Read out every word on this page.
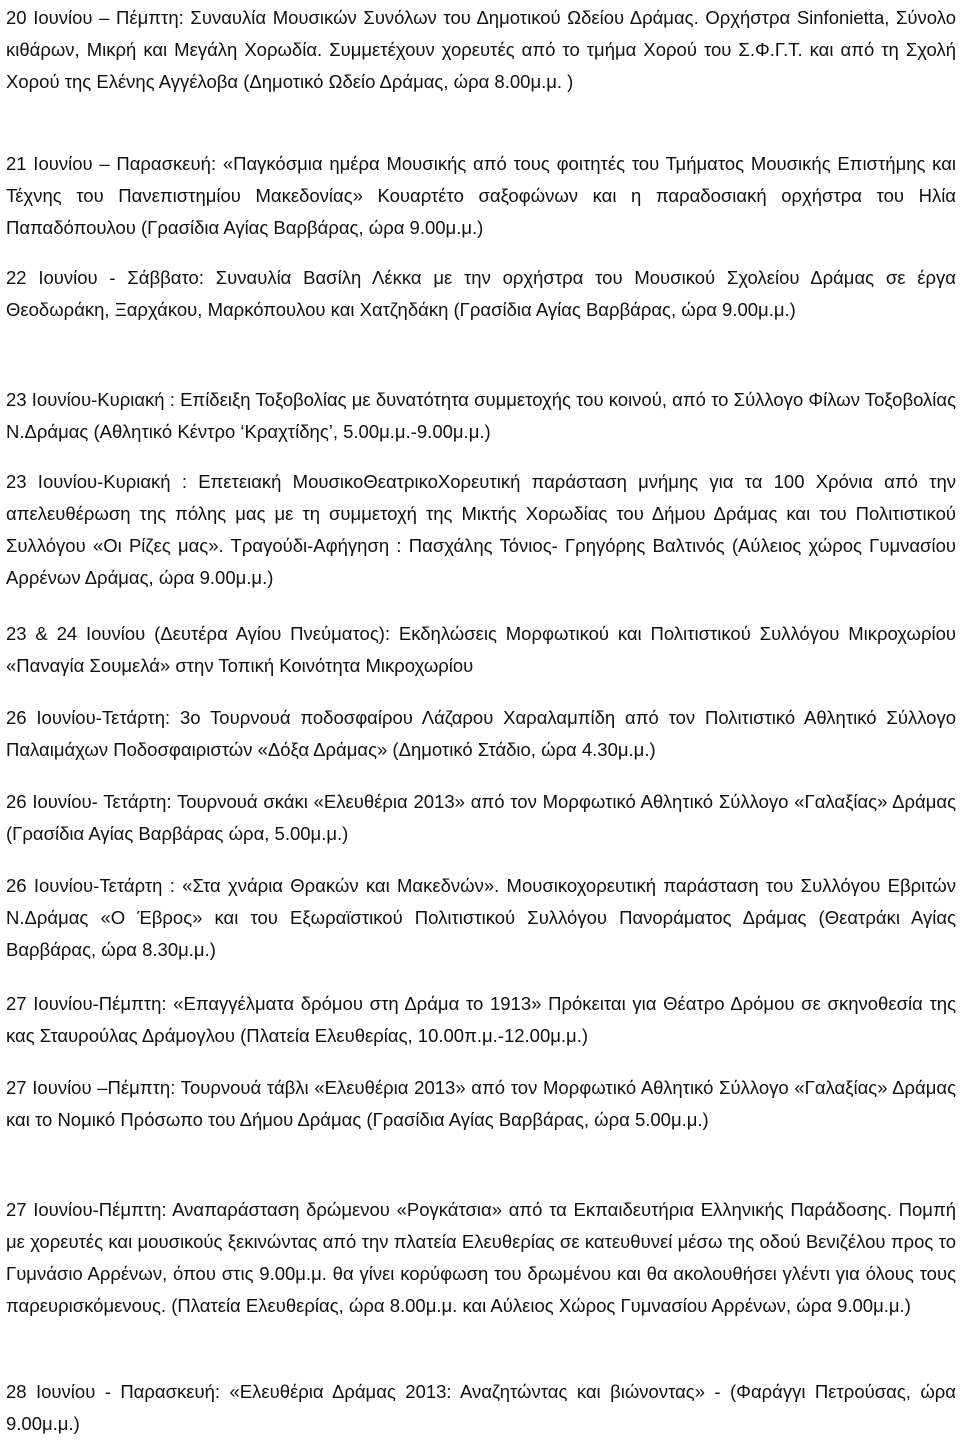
20 Ιουνίου – Πέμπτη: Συναυλία Μουσικών Συνόλων του Δημοτικού Ωδείου Δράμας. Ορχήστρα Sinfonietta, Σύνολο κιθάρων, Μικρή και Μεγάλη Χορωδία. Συμμετέχουν χορευτές από το τμήμα Χορού του Σ.Φ.Γ.Τ. και από τη Σχολή Χορού της Ελένης Αγγέλοβα (Δημοτικό Ωδείο Δράμας, ώρα 8.00μ.μ. )

21 Ιουνίου – Παρασκευή: «Παγκόσμια ημέρα Μουσικής από τους φοιτητές του Τμήματος Μουσικής Επιστήμης και Τέχνης του Πανεπιστημίου Μακεδονίας» Κουαρτέτο σαξοφώνων και η παραδοσιακή ορχήστρα του Ηλία Παπαδόπουλου (Γρασίδια Αγίας Βαρβάρας, ώρα 9.00μ.μ.)

22 Ιουνίου - Σάββατο: Συναυλία Βασίλη Λέκκα με την ορχήστρα του Μουσικού Σχολείου Δράμας σε έργα Θεοδωράκη, Ξαρχάκου, Μαρκόπουλου και Χατζηδάκη (Γρασίδια Αγίας Βαρβάρας, ώρα 9.00μ.μ.)

23 Ιουνίου-Κυριακή : Επίδειξη Τοξοβολίας με δυνατότητα συμμετοχής του κοινού, από το Σύλλογο Φίλων Τοξοβολίας Ν.Δράμας (Αθλητικό Κέντρο ‘Κραχτίδης’, 5.00μ.μ.-9.00μ.μ.)

23 Ιουνίου-Κυριακή : Επετειακή ΜουσικοΘεατρικοΧορευτική παράσταση μνήμης για τα 100 Χρόνια από την απελευθέρωση της πόλης μας με τη συμμετοχή της Μικτής Χορωδίας του Δήμου Δράμας και του Πολιτιστικού Συλλόγου «Οι Ρίζες μας». Τραγούδι-Αφήγηση : Πασχάλης Τόνιος- Γρηγόρης Βαλτινός (Αύλειος χώρος Γυμνασίου Αρρένων Δράμας, ώρα 9.00μ.μ.)

23 & 24 Ιουνίου (Δευτέρα Αγίου Πνεύματος): Εκδηλώσεις Μορφωτικού και Πολιτιστικού Συλλόγου Μικροχωρίου «Παναγία Σουμελά» στην Τοπική Κοινότητα Μικροχωρίου

26 Ιουνίου-Τετάρτη: 3ο Τουρνουά ποδοσφαίρου Λάζαρου Χαραλαμπίδη από τον Πολιτιστικό Αθλητικό Σύλλογο Παλαιμάχων Ποδοσφαιριστών «Δόξα Δράμας» (Δημοτικό Στάδιο, ώρα 4.30μ.μ.)

26 Ιουνίου- Τετάρτη: Τουρνουά σκάκι «Ελευθέρια 2013» από τον Μορφωτικό Αθλητικό Σύλλογο «Γαλαξίας» Δράμας (Γρασίδια Αγίας Βαρβάρας ώρα, 5.00μ.μ.)

26 Ιουνίου-Τετάρτη : «Στα χνάρια Θρακών και Μακεδνών». Μουσικοχορευτική παράσταση του Συλλόγου Εβριτών Ν.Δράμας «Ο Έβρος» και του Εξωραϊστικού Πολιτιστικού Συλλόγου Πανοράματος Δράμας (Θεατράκι Αγίας Βαρβάρας, ώρα 8.30μ.μ.)

27 Ιουνίου-Πέμπτη: «Επαγγέλματα δρόμου στη Δράμα το 1913» Πρόκειται για Θέατρο Δρόμου σε σκηνοθεσία της κας Σταυρούλας Δράμογλου (Πλατεία Ελευθερίας, 10.00π.μ.-12.00μ.μ.)

27 Ιουνίου –Πέμπτη: Τουρνουά τάβλι «Ελευθέρια 2013» από τον Μορφωτικό Αθλητικό Σύλλογο «Γαλαξίας» Δράμας και το Νομικό Πρόσωπο του Δήμου Δράμας (Γρασίδια Αγίας Βαρβάρας, ώρα 5.00μ.μ.)

27 Ιουνίου-Πέμπτη: Αναπαράσταση δρώμενου «Ρογκάτσια» από τα Εκπαιδευτήρια Ελληνικής Παράδοσης. Πομπή με χορευτές και μουσικούς ξεκινώντας από την πλατεία Ελευθερίας σε κατευθυνεί μέσω της οδού Βενιζέλου προς το Γυμνάσιο Αρρένων, όπου στις 9.00μ.μ. θα γίνει κορύφωση του δρωμένου και θα ακολουθήσει γλέντι για όλους τους παρευρισκόμενους. (Πλατεία Ελευθερίας, ώρα 8.00μ.μ. και Αύλειος Χώρος Γυμνασίου Αρρένων, ώρα 9.00μ.μ.)

28 Ιουνίου - Παρασκευή: «Ελευθέρια Δράμας 2013: Αναζητώντας και βιώνοντας» - (Φαράγγι Πετρούσας, ώρα 9.00μ.μ.)
